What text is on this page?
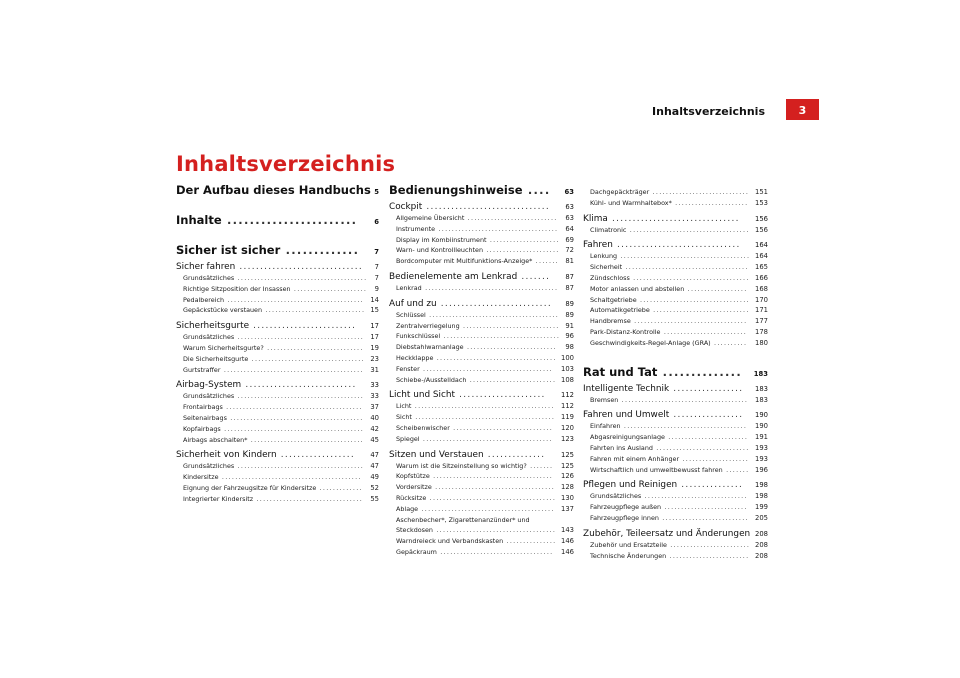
Inhaltsverzeichnis	3
Inhaltsverzeichnis
Der Aufbau dieses Handbuchs 5
Inhalte ....................... 6
Sicher ist sicher ............. 7
Sicher fahren .............................. 7
Grundsätzliches ....................................... 7
Richtige Sitzposition der Insassen ...................... 9
Pedalbereich ......................................... 14
Gepäckstücke verstauen .............................. 15
Sicherheitsgurte ......................... 17
Grundsätzliches ...................................... 17
Warum Sicherheitsgurte? ............................. 19
Die Sicherheitsgurte .................................. 23
Gurtstraffer .......................................... 31
Airbag-System ........................... 33
Grundsätzliches ...................................... 33
Frontairbags ......................................... 37
Seitenairbags ........................................ 40
Kopfairbags .......................................... 42
Airbags abschalten* .................................. 45
Sicherheit von Kindern .................. 47
Grundsätzliches ...................................... 47
Kindersitze .......................................... 49
Eignung der Fahrzeugsitze für Kindersitze ............. 52
Integrierter Kindersitz ................................ 55
Bedienungshinweise .... 63
Cockpit .............................. 63
Allgemeine Übersicht ........................... 63
Instrumente .................................... 64
Display im Kombiinstrument ..................... 69
Warn- und Kontrollleuchten ...................... 72
Bordcomputer mit Multifunktions-Anzeige* ....... 81
Bedienelemente am Lenkrad ....... 87
Lenkrad ........................................ 87
Auf und zu ........................... 89
Schlüssel ....................................... 89
Zentralverriegelung ............................. 91
Funkschlüssel ................................... 96
Diebstahlwarnanlage ........................... 98
Heckklappe .................................... 100
Fenster ....................................... 103
Schiebe-/Ausstelldach .......................... 108
Licht und Sicht ..................... 112
Licht .......................................... 112
Sicht .......................................... 119
Scheibenwischer .............................. 120
Spiegel ....................................... 123
Sitzen und Verstauen .............. 125
Warum ist die Sitzeinstellung so wichtig? ....... 125
Kopfstütze .................................... 126
Vordersitze .................................... 128
Rücksitze ...................................... 130
Ablage ........................................ 137
Aschenbecher*, Zigarettenanzünder* und
Steckdosen .................................... 143
Warndreieck und Verbandskasten ............... 146
Gepäckraum .................................. 146
Dachgepäckträger ............................. 151
Kühl- und Warmhaltebox* ...................... 153
Klima ............................... 156
Climatronic .................................... 156
Fahren .............................. 164
Lenkung ....................................... 164
Sicherheit ..................................... 165
Zündschloss ................................... 166
Motor anlassen und abstellen .................. 168
Schaltgetriebe ................................. 170
Automatikgetriebe ............................. 171
Handbremse .................................. 177
Park-Distanz-Kontrolle ......................... 178
Geschwindigkeits-Regel-Anlage (GRA) .......... 180
Rat und Tat .............. 183
Intelligente Technik ................. 183
Bremsen ...................................... 183
Fahren und Umwelt ................. 190
Einfahren ..................................... 190
Abgasreinigungsanlage ........................ 191
Fahrten ins Ausland ............................ 193
Fahren mit einem Anhänger .................... 193
Wirtschaftlich und umweltbewusst fahren ....... 196
Pflegen und Reinigen ............... 198
Grundsätzliches ............................... 198
Fahrzeugpflege außen ......................... 199
Fahrzeugpflege innen .......................... 205
Zubehör, Teileersatz und Änderungen 208
Zubehör und Ersatzteile ........................ 208
Technische Änderungen ........................ 208
